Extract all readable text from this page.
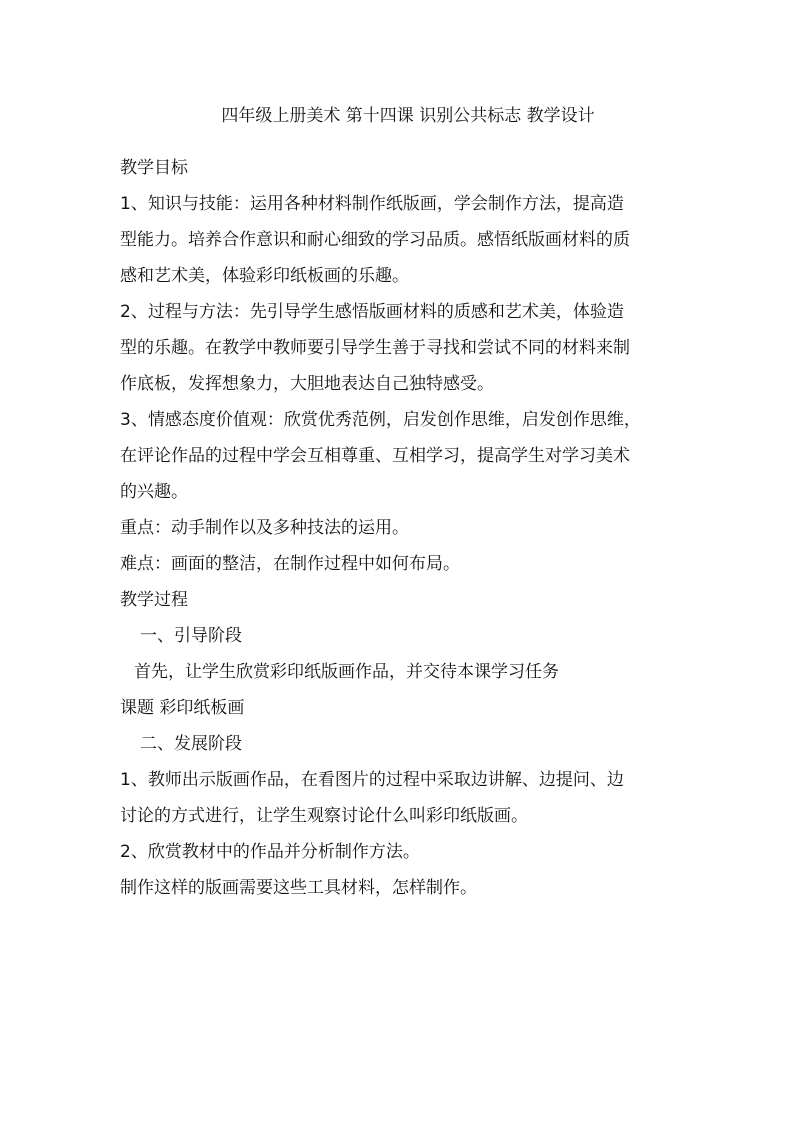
四年级上册美术 第十四课 识别公共标志 教学设计
教学目标
1、知识与技能：运用各种材料制作纸版画，学会制作方法，提高造
型能力。培养合作意识和耐心细致的学习品质。感悟纸版画材料的质
感和艺术美，体验彩印纸板画的乐趣。
2、过程与方法：先引导学生感悟版画材料的质感和艺术美，体验造
型的乐趣。在教学中教师要引导学生善于寻找和尝试不同的材料来制
作底板，发挥想象力，大胆地表达自己独特感受。
3、情感态度价值观：欣赏优秀范例，启发创作思维，启发创作思维，
在评论作品的过程中学会互相尊重、互相学习，提高学生对学习美术
的兴趣。
重点：动手制作以及多种技法的运用。
难点：画面的整洁，在制作过程中如何布局。
教学过程
一、引导阶段
首先，让学生欣赏彩印纸版画作品，并交待本课学习任务
课题 彩印纸板画
二、发展阶段
1、教师出示版画作品，在看图片的过程中采取边讲解、边提问、边
讨论的方式进行，让学生观察讨论什么叫彩印纸版画。
2、欣赏教材中的作品并分析制作方法。
制作这样的版画需要这些工具材料，怎样制作。
